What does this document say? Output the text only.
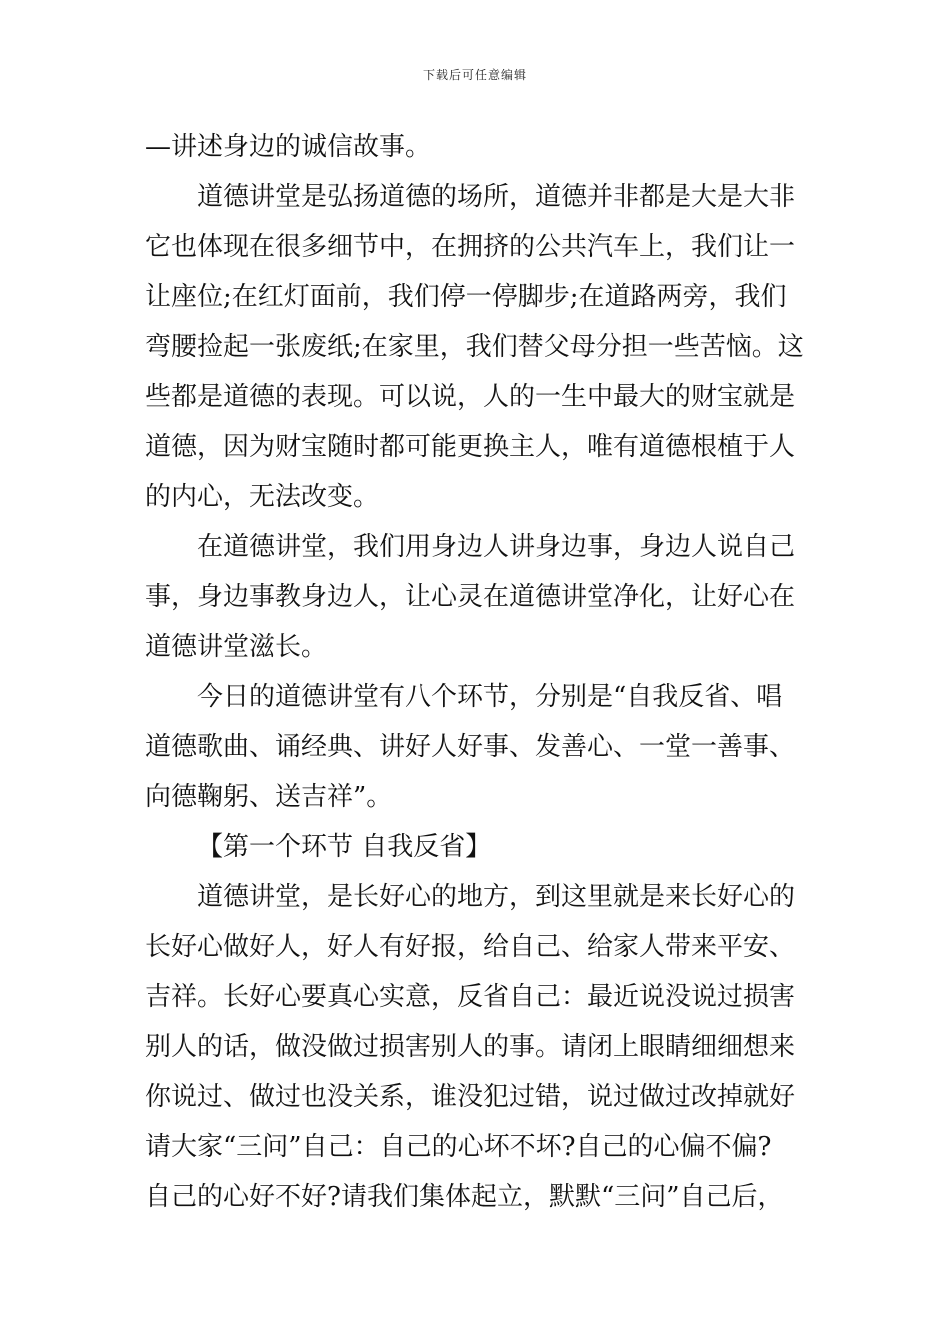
下载后可任意编辑
—讲述身边的诚信故事。
道德讲堂是弘扬道德的场所，道德并非都是大是大非
它也体现在很多细节中，在拥挤的公共汽车上，我们让一
让座位;在红灯面前，我们停一停脚步;在道路两旁，我们
弯腰捡起一张废纸;在家里，我们替父母分担一些苦恼。这
些都是道德的表现。可以说，人的一生中最大的财宝就是
道德，因为财宝随时都可能更换主人，唯有道德根植于人
的内心，无法改变。
在道德讲堂，我们用身边人讲身边事，身边人说自己
事，身边事教身边人，让心灵在道德讲堂净化，让好心在
道德讲堂滋长。
今日的道德讲堂有八个环节，分别是“自我反省、唱
道德歌曲、诵经典、讲好人好事、发善心、一堂一善事、
向德鞠躬、送吉祥”。
【第一个环节 自我反省】
道德讲堂，是长好心的地方，到这里就是来长好心的
长好心做好人，好人有好报，给自己、给家人带来平安、
吉祥。长好心要真心实意，反省自己：最近说没说过损害
别人的话，做没做过损害别人的事。请闭上眼睛细细想来
你说过、做过也没关系，谁没犯过错，说过做过改掉就好
请大家“三问”自己：自己的心坏不坏?自己的心偏不偏?
自己的心好不好?请我们集体起立，默默“三问”自己后，
